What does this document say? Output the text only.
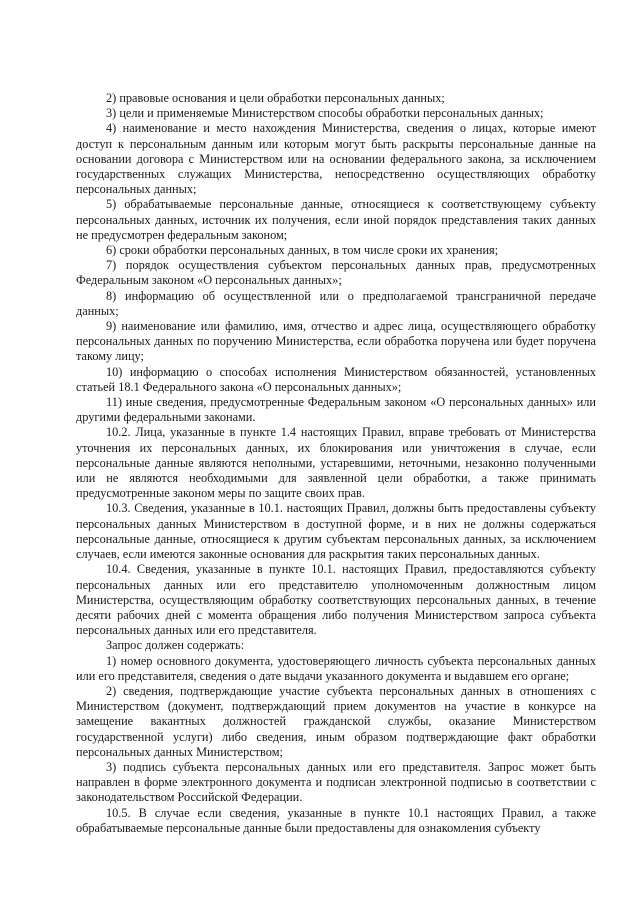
2) правовые основания и цели обработки персональных данных;

3) цели и применяемые Министерством способы обработки персональных данных;

4) наименование и место нахождения Министерства, сведения о лицах, которые имеют доступ к персональным данным или которым могут быть раскрыты персональные данные на основании договора с Министерством или на основании федерального закона, за исключением государственных служащих Министерства, непосредственно осуществляющих обработку персональных данных;

5) обрабатываемые персональные данные, относящиеся к соответствующему субъекту персональных данных, источник их получения, если иной порядок представления таких данных не предусмотрен федеральным законом;

6) сроки обработки персональных данных, в том числе сроки их хранения;

7) порядок осуществления субъектом персональных данных прав, предусмотренных Федеральным законом «О персональных данных»;

8) информацию об осуществленной или о предполагаемой трансграничной передаче данных;

9) наименование или фамилию, имя, отчество и адрес лица, осуществляющего обработку персональных данных по поручению Министерства, если обработка поручена или будет поручена такому лицу;

10) информацию о способах исполнения Министерством обязанностей, установленных статьей 18.1 Федерального закона «О персональных данных»;

11) иные сведения, предусмотренные Федеральным законом «О персональных данных» или другими федеральными законами.

10.2. Лица, указанные в пункте 1.4 настоящих Правил, вправе требовать от Министерства уточнения их персональных данных, их блокирования или уничтожения в случае, если персональные данные являются неполными, устаревшими, неточными, незаконно полученными или не являются необходимыми для заявленной цели обработки, а также принимать предусмотренные законом меры по защите своих прав.

10.3. Сведения, указанные в 10.1. настоящих Правил, должны быть предоставлены субъекту персональных данных Министерством в доступной форме, и в них не должны содержаться персональные данные, относящиеся к другим субъектам персональных данных, за исключением случаев, если имеются законные основания для раскрытия таких персональных данных.

10.4. Сведения, указанные в пункте 10.1. настоящих Правил, предоставляются субъекту персональных данных или его представителю уполномоченным должностным лицом Министерства, осуществляющим обработку соответствующих персональных данных, в течение десяти рабочих дней с момента обращения либо получения Министерством запроса субъекта персональных данных или его представителя.

Запрос должен содержать:

1) номер основного документа, удостоверяющего личность субъекта персональных данных или его представителя, сведения о дате выдачи указанного документа и выдавшем его органе;

2) сведения, подтверждающие участие субъекта персональных данных в отношениях с Министерством (документ, подтверждающий прием документов на участие в конкурсе на замещение вакантных должностей гражданской службы, оказание Министерством государственной услуги) либо сведения, иным образом подтверждающие факт обработки персональных данных Министерством;

3) подпись субъекта персональных данных или его представителя. Запрос может быть направлен в форме электронного документа и подписан электронной подписью в соответствии с законодательством Российской Федерации.

10.5. В случае если сведения, указанные в пункте 10.1 настоящих Правил, а также обрабатываемые персональные данные были предоставлены для ознакомления субъекту
